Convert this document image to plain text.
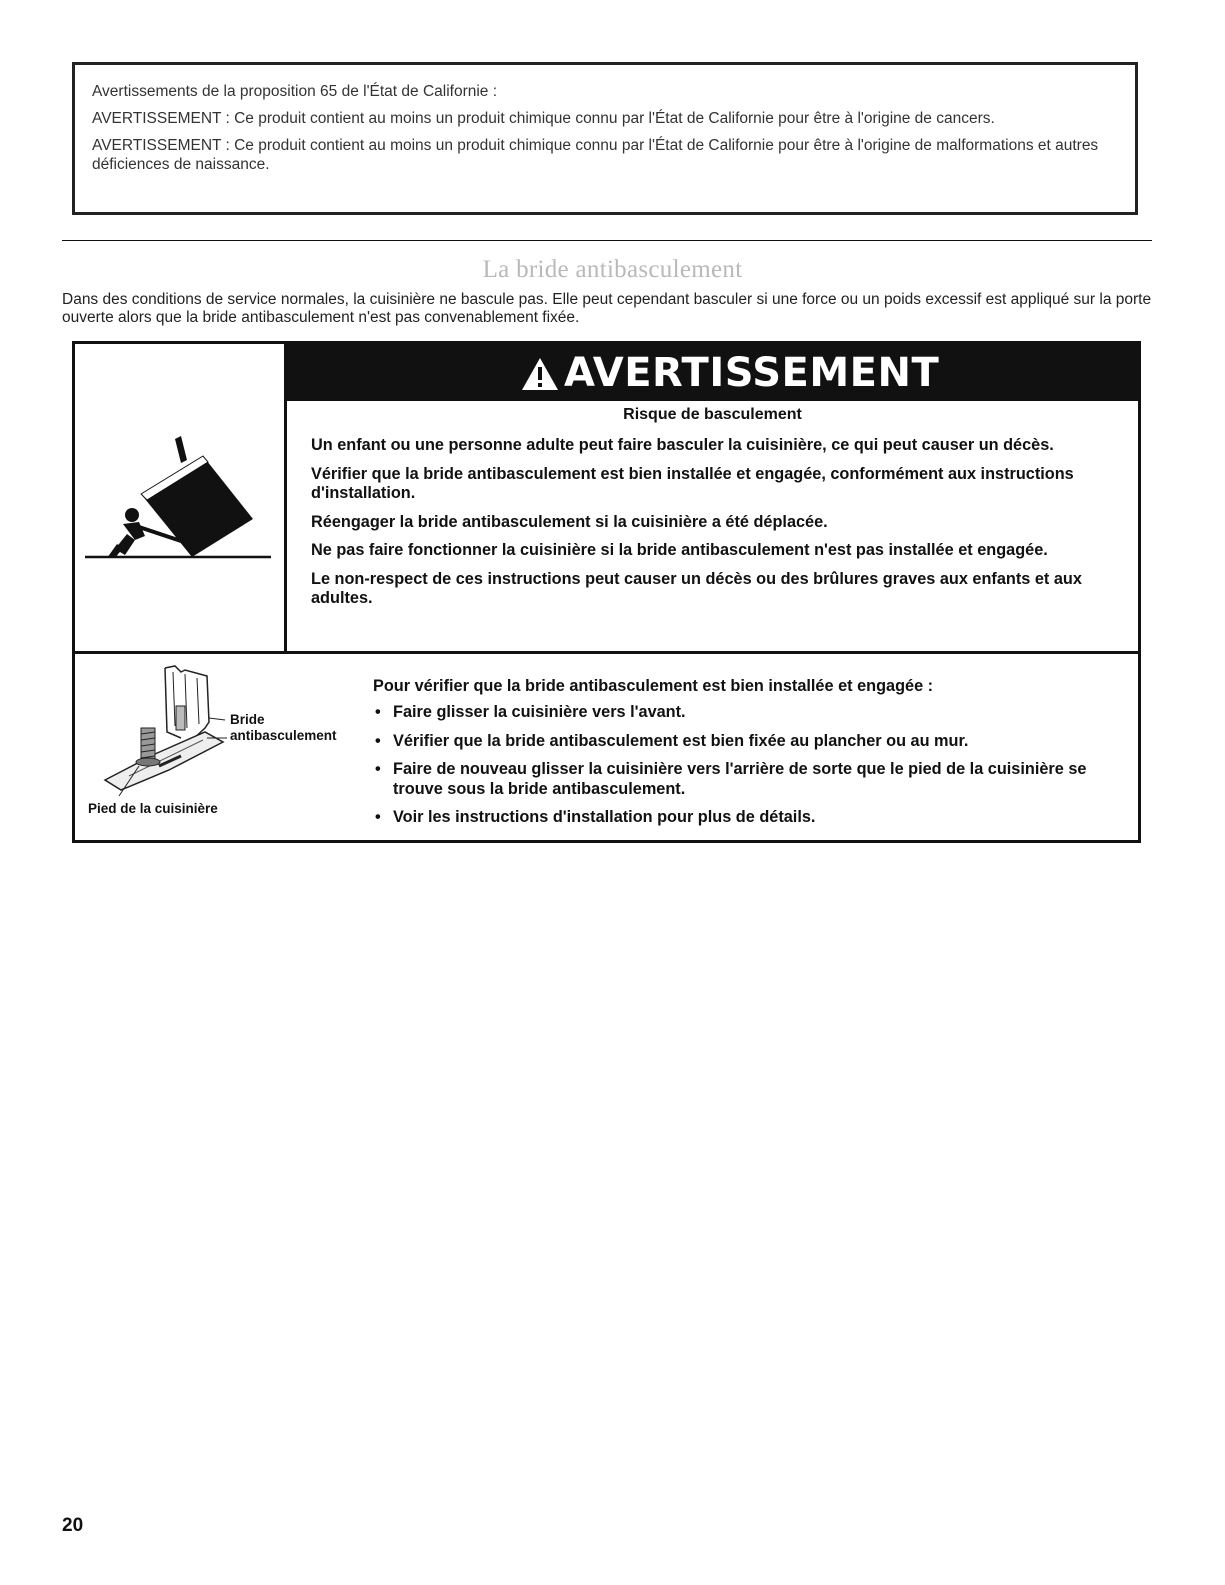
Avertissements de la proposition 65 de l'État de Californie :

AVERTISSEMENT : Ce produit contient au moins un produit chimique connu par l'État de Californie pour être à l'origine de cancers.

AVERTISSEMENT : Ce produit contient au moins un produit chimique connu par l'État de Californie pour être à l'origine de malformations et autres déficiences de naissance.

La bride antibasculement

Dans des conditions de service normales, la cuisinière ne bascule pas. Elle peut cependant basculer si une force ou un poids excessif est appliqué sur la porte ouverte alors que la bride antibasculement n'est pas convenablement fixée.

AVERTISSEMENT
Risque de basculement

Un enfant ou une personne adulte peut faire basculer la cuisinière, ce qui peut causer un décès.

Vérifier que la bride antibasculement est bien installée et engagée, conformément aux instructions d'installation.

Réengager la bride antibasculement si la cuisinière a été déplacée.

Ne pas faire fonctionner la cuisinière si la bride antibasculement n'est pas installée et engagée.

Le non-respect de ces instructions peut causer un décès ou des brûlures graves aux enfants et aux adultes.

Bride
antibasculement
Pied de la cuisinière
Pour vérifier que la bride antibasculement est bien installée et engagée :
• Faire glisser la cuisinière vers l'avant.
• Vérifier que la bride antibasculement est bien fixée au plancher ou au mur.
• Faire de nouveau glisser la cuisinière vers l'arrière de sorte que le pied de la cuisinière se trouve sous la bride antibasculement.
• Voir les instructions d'installation pour plus de détails.
20
